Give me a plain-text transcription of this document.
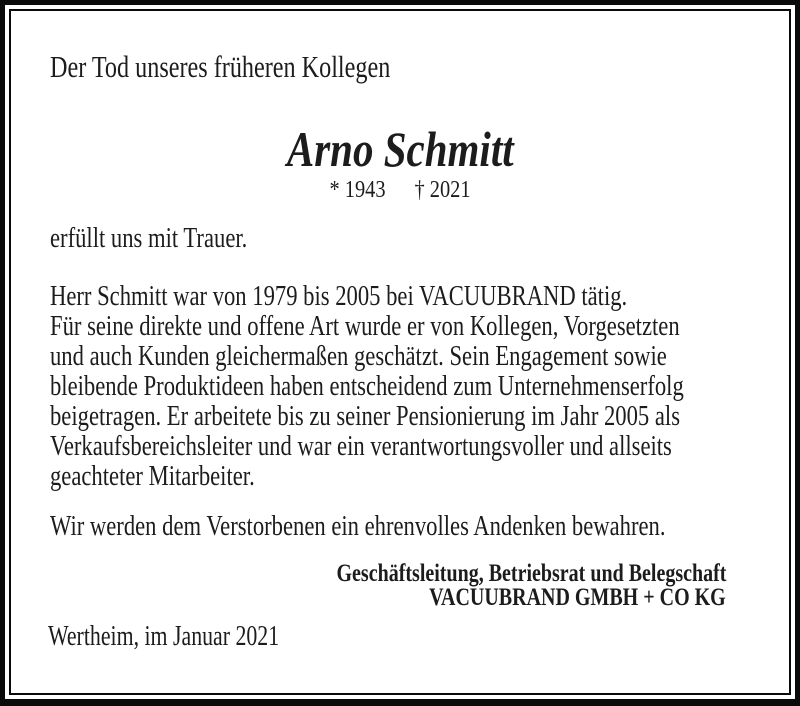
Der Tod unseres früheren Kollegen
Arno Schmitt
* 1943 † 2021
erfüllt uns mit Trauer.
Herr Schmitt war von 1979 bis 2005 bei VACUUBRAND tätig.
Für seine direkte und offene Art wurde er von Kollegen, Vorgesetzten
und auch Kunden gleichermaßen geschätzt. Sein Engagement sowie
bleibende Produktideen haben entscheidend zum Unternehmenserfolg
beigetragen. Er arbeitete bis zu seiner Pensionierung im Jahr 2005 als
Verkaufsbereichsleiter und war ein verantwortungsvoller und allseits
geachteter Mitarbeiter.
Wir werden dem Verstorbenen ein ehrenvolles Andenken bewahren.
Geschäftsleitung, Betriebsrat und Belegschaft
VACUUBRAND GMBH + CO KG
Wertheim, im Januar 2021
